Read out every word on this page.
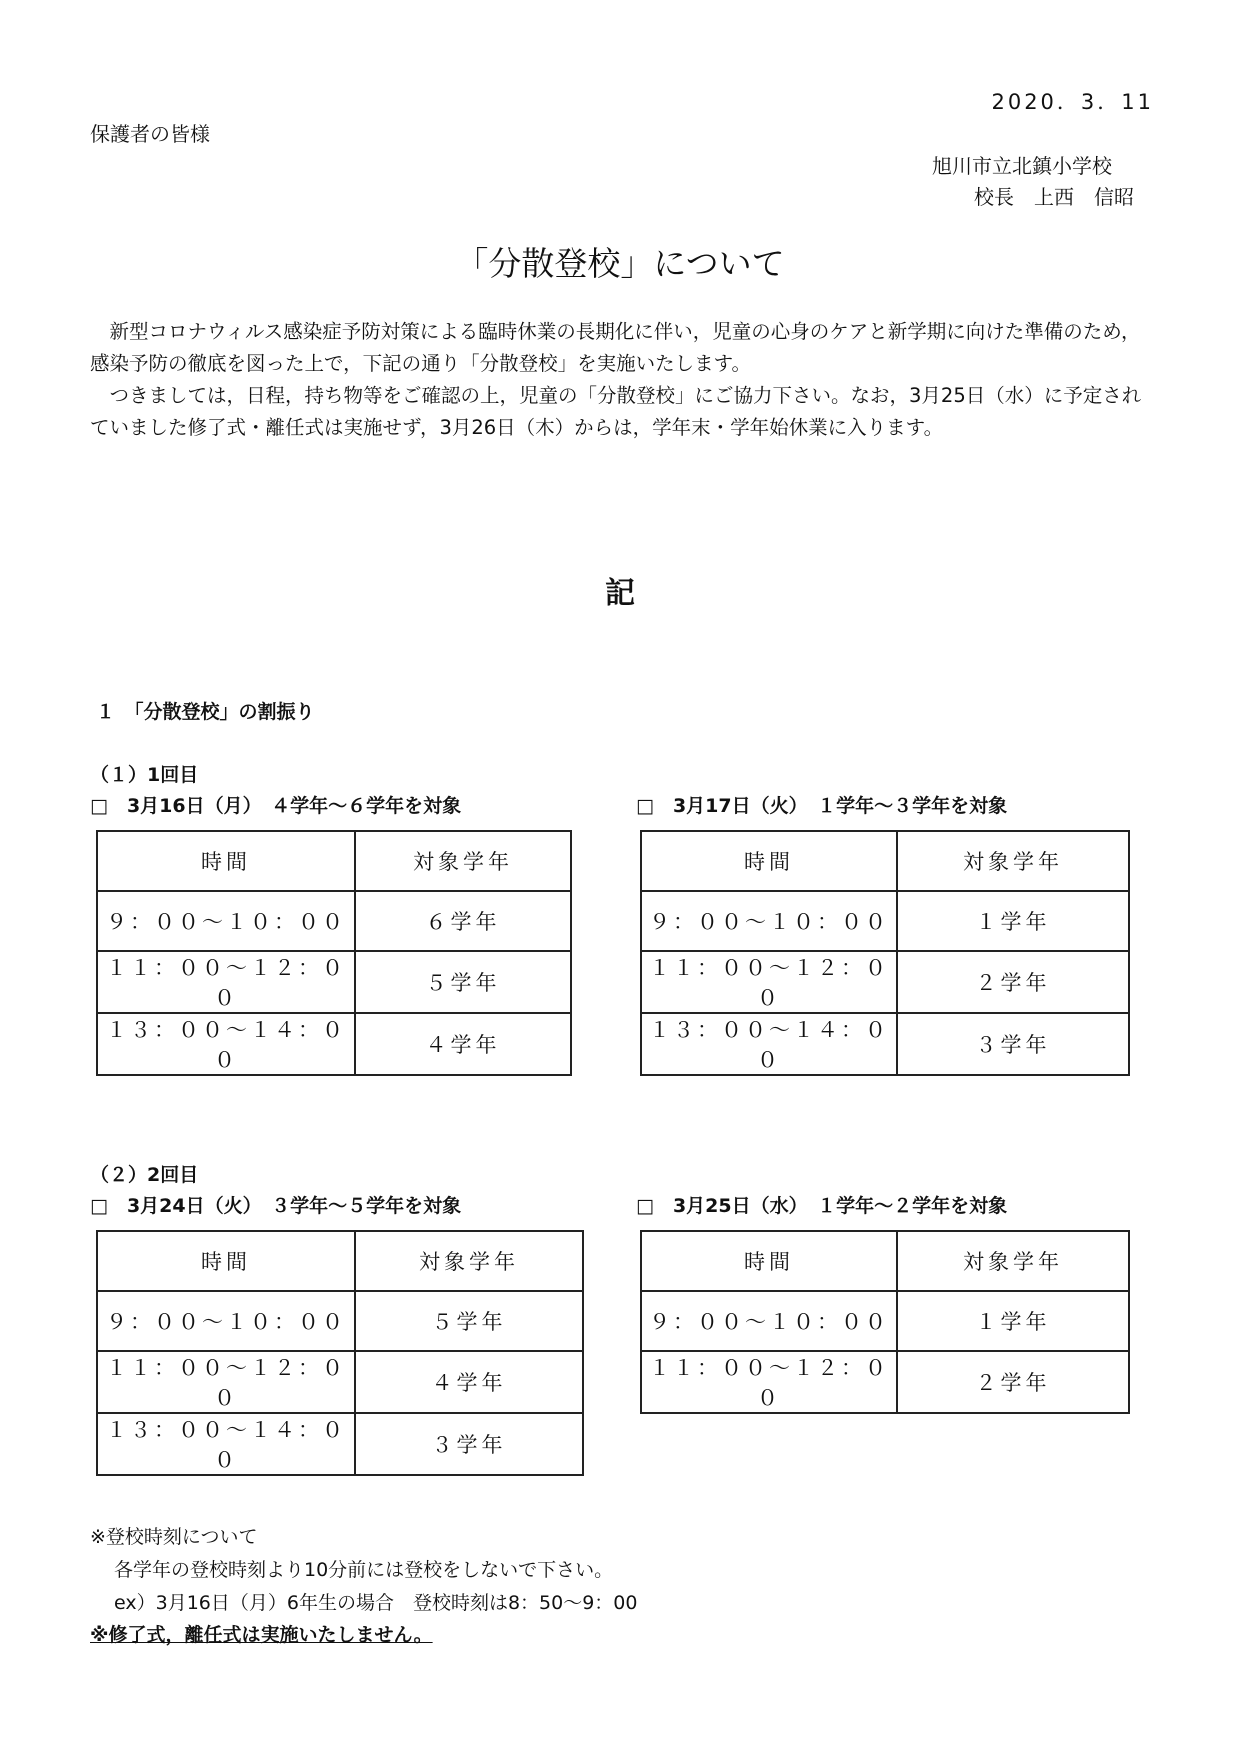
2020．3．11
保護者の皆様
旭川市立北鎮小学校
校長　上西　信昭
「分散登校」について

新型コロナウィルス感染症予防対策による臨時休業の長期化に伴い，児童の心身のケアと新学期に向けた準備のため，感染予防の徹底を図った上で，下記の通り「分散登校」を実施いたします。

つきましては，日程，持ち物等をご確認の上，児童の「分散登校」にご協力下さい。なお，3月25日（水）に予定されていました修了式・離任式は実施せず，3月26日（木）からは，学年末・学年始休業に入ります。

記
１　「分散登校」の割振り
（１）1回目
□　3月16日（月）　４学年～６学年を対象	□　3月17日（火）　１学年～３学年を対象
時間	対象学年
９：００～１０：００	６学年
１１：００～１２：００	５学年
１３：００～１４：００	４学年
時間	対象学年
９：００～１０：００	１学年
１１：００～１２：００	２学年
１３：００～１４：００	３学年
（２）2回目
□　3月24日（火）　３学年～５学年を対象	□　3月25日（水）　１学年～２学年を対象
時間	対象学年
９：００～１０：００	５学年
１１：００～１２：００	４学年
１３：００～１４：００	３学年
時間	対象学年
９：００～１０：００	１学年
１１：００～１２：００	２学年
※登校時刻について
各学年の登校時刻より10分前には登校をしないで下さい。
ex）3月16日（月）6年生の場合　登校時刻は8：50～9：00
※修了式，離任式は実施いたしません。
